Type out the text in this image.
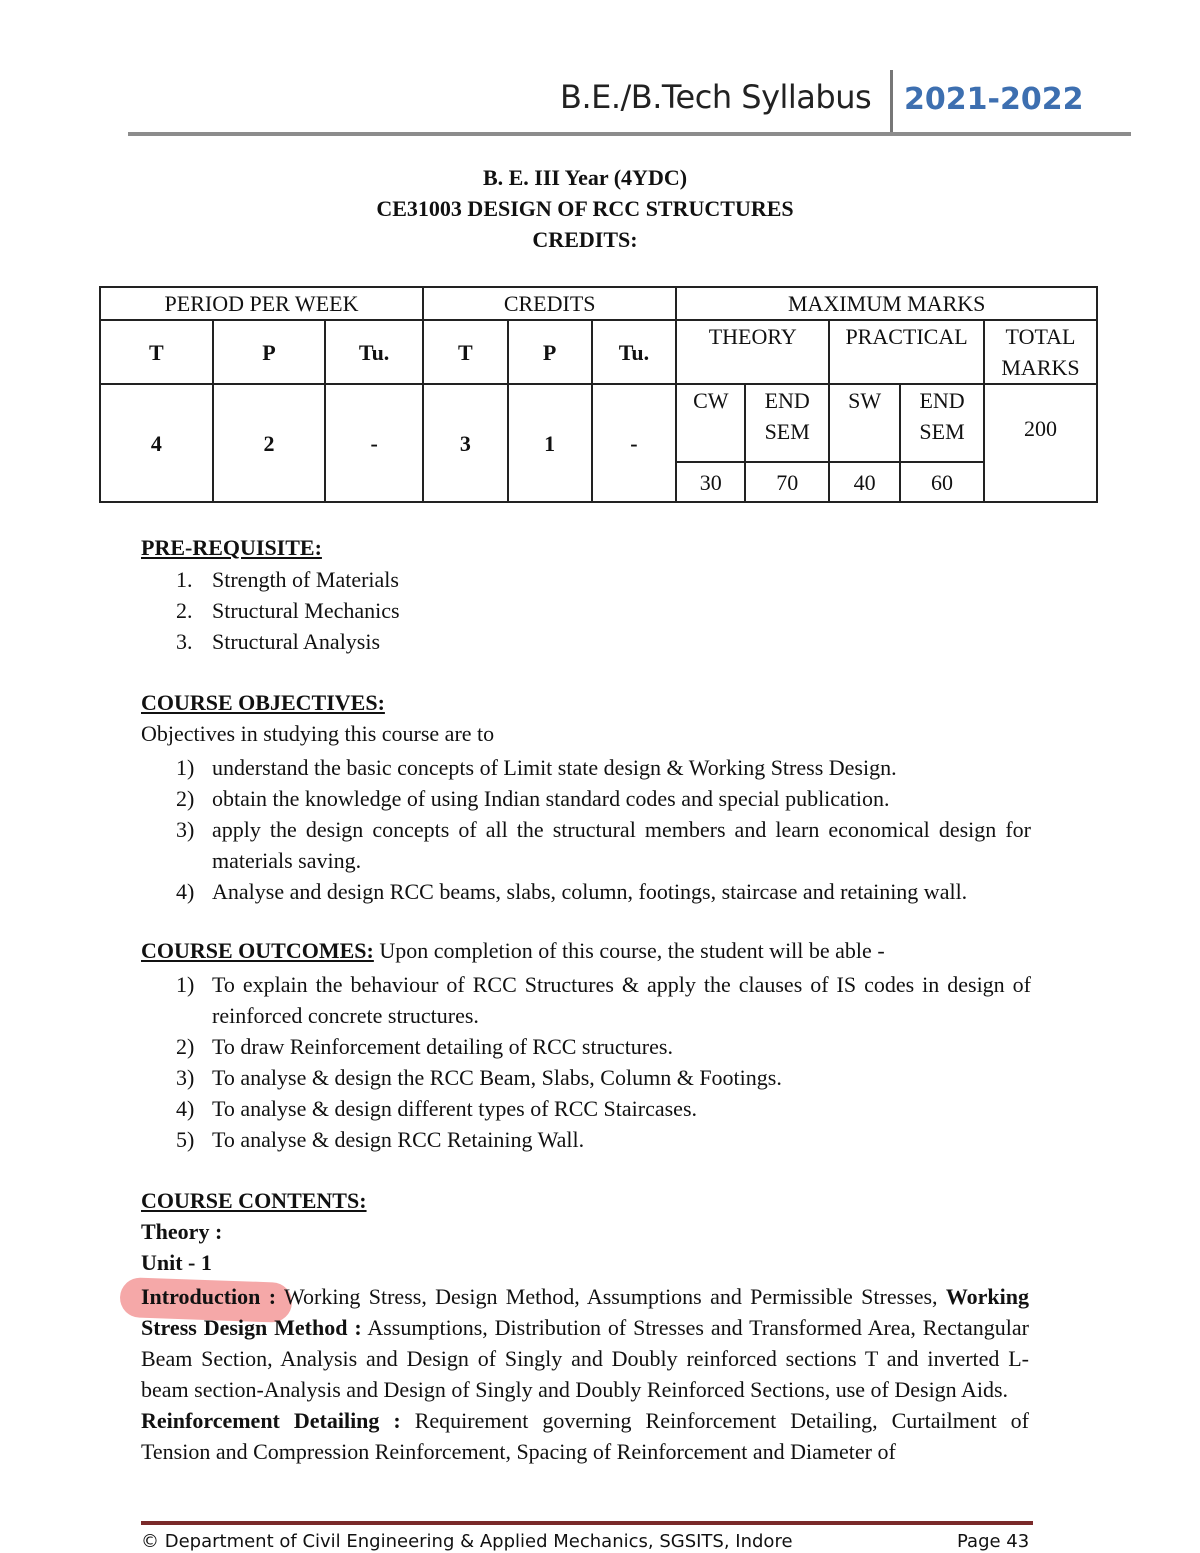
B.E./B.Tech Syllabus 2021-2022
B. E. III Year (4YDC)
CE31003 DESIGN OF RCC STRUCTURES
CREDITS:
PERIOD PER WEEK			CREDITS			MAXIMUM MARKS				
T	P	Tu.	T	P	Tu.	THEORY		PRACTICAL		TOTAL MARKS
4	2	-	3	1	-	CW	END SEM	SW	END SEM	200
						30	70	40	60	
PRE-REQUISITE:
1. Strength of Materials
2. Structural Mechanics
3. Structural Analysis
COURSE OBJECTIVES:
Objectives in studying this course are to
1) understand the basic concepts of Limit state design & Working Stress Design.
2) obtain the knowledge of using Indian standard codes and special publication.
3) apply the design concepts of all the structural members and learn economical design for materials saving.
4) Analyse and design RCC beams, slabs, column, footings, staircase and retaining wall.
COURSE OUTCOMES: Upon completion of this course, the student will be able -
1) To explain the behaviour of RCC Structures & apply the clauses of IS codes in design of reinforced concrete structures.
2) To draw Reinforcement detailing of RCC structures.
3) To analyse & design the RCC Beam, Slabs, Column & Footings.
4) To analyse & design different types of RCC Staircases.
5) To analyse & design RCC Retaining Wall.
COURSE CONTENTS:
Theory :
Unit - 1
Introduction : Working Stress, Design Method, Assumptions and Permissible Stresses, Working Stress Design Method : Assumptions, Distribution of Stresses and Transformed Area, Rectangular Beam Section, Analysis and Design of Singly and Doubly reinforced sections T and inverted L-beam section-Analysis and Design of Singly and Doubly Reinforced Sections, use of Design Aids.
Reinforcement Detailing : Requirement governing Reinforcement Detailing, Curtailment of Tension and Compression Reinforcement, Spacing of Reinforcement and Diameter of
© Department of Civil Engineering & Applied Mechanics, SGSITS, Indore	Page 43
